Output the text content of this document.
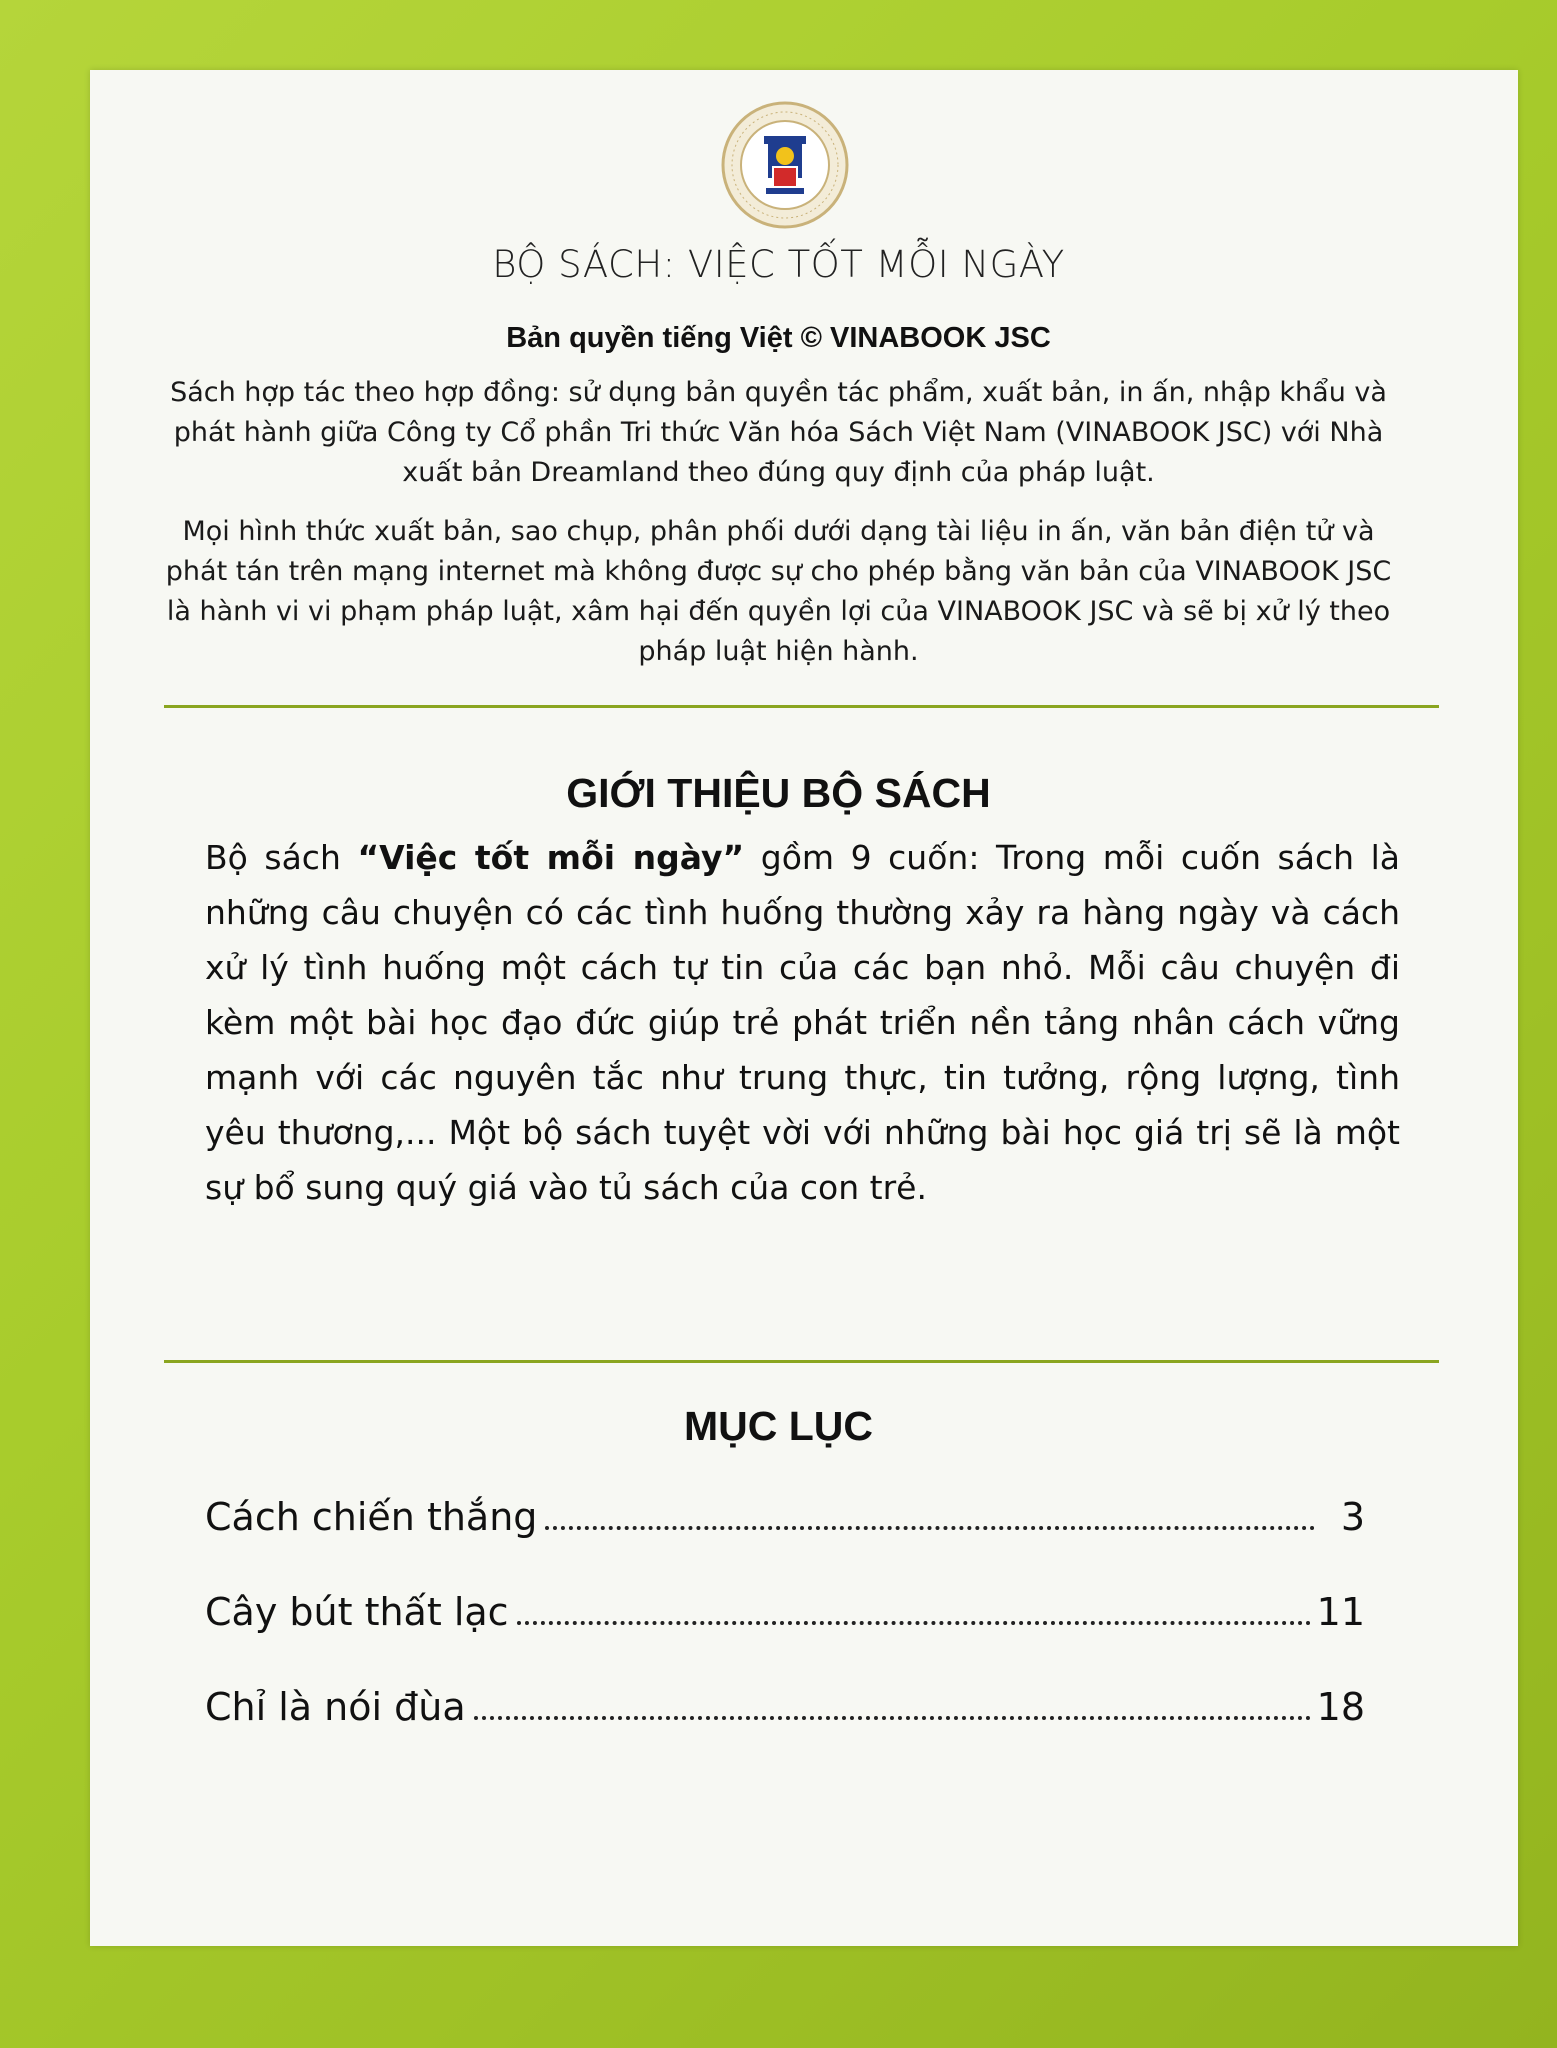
BỘ SÁCH: VIỆC TỐT MỖI NGÀY
Bản quyền tiếng Việt © VINABOOK JSC
Sách hợp tác theo hợp đồng: sử dụng bản quyền tác phẩm, xuất bản, in ấn, nhập khẩu và phát hành giữa Công ty Cổ phần Tri thức Văn hóa Sách Việt Nam (VINABOOK JSC) với Nhà xuất bản Dreamland theo đúng quy định của pháp luật.
Mọi hình thức xuất bản, sao chụp, phân phối dưới dạng tài liệu in ấn, văn bản điện tử và phát tán trên mạng internet mà không được sự cho phép bằng văn bản của VINABOOK JSC là hành vi vi phạm pháp luật, xâm hại đến quyền lợi của VINABOOK JSC và sẽ bị xử lý theo pháp luật hiện hành.
GIỚI THIỆU BỘ SÁCH
Bộ sách “Việc tốt mỗi ngày” gồm 9 cuốn: Trong mỗi cuốn sách là những câu chuyện có các tình huống thường xảy ra hàng ngày và cách xử lý tình huống một cách tự tin của các bạn nhỏ. Mỗi câu chuyện đi kèm một bài học đạo đức giúp trẻ phát triển nền tảng nhân cách vững mạnh với các nguyên tắc như trung thực, tin tưởng, rộng lượng, tình yêu thương,... Một bộ sách tuyệt vời với những bài học giá trị sẽ là một sự bổ sung quý giá vào tủ sách của con trẻ.
MỤC LỤC
Cách chiến thắng	3
Cây bút thất lạc	11
Chỉ là nói đùa	18
